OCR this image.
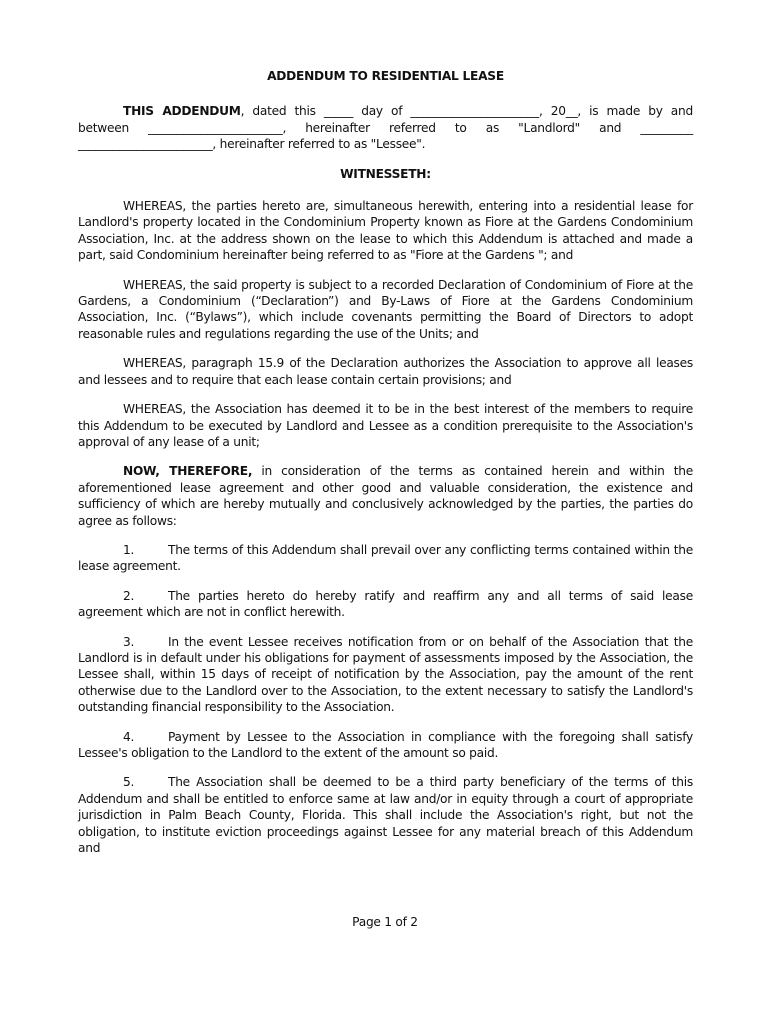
ADDENDUM TO RESIDENTIAL LEASE

THIS ADDENDUM, dated this _____ day of ______________________, 20__, is made by and between _______________________, hereinafter referred to as "Landlord" and _________ _______________________, hereinafter referred to as "Lessee".

WITNESSETH:

WHEREAS, the parties hereto are, simultaneous herewith, entering into a residential lease for Landlord's property located in the Condominium Property known as Fiore at the Gardens Condominium Association, Inc. at the address shown on the lease to which this Addendum is attached and made a part, said Condominium hereinafter being referred to as "Fiore at the Gardens "; and

WHEREAS, the said property is subject to a recorded Declaration of Condominium of Fiore at the Gardens, a Condominium (“Declaration”) and By-Laws of Fiore at the Gardens Condominium Association, Inc. (“Bylaws”), which include covenants permitting the Board of Directors to adopt reasonable rules and regulations regarding the use of the Units; and

WHEREAS, paragraph 15.9 of the Declaration authorizes the Association to approve all leases and lessees and to require that each lease contain certain provisions; and

WHEREAS, the Association has deemed it to be in the best interest of the members to require this Addendum to be executed by Landlord and Lessee as a condition prerequisite to the Association's approval of any lease of a unit;

NOW, THEREFORE, in consideration of the terms as contained herein and within the aforementioned lease agreement and other good and valuable consideration, the existence and sufficiency of which are hereby mutually and conclusively acknowledged by the parties, the parties do agree as follows:

1.	The terms of this Addendum shall prevail over any conflicting terms contained within the lease agreement.

2.	The parties hereto do hereby ratify and reaffirm any and all terms of said lease agreement which are not in conflict herewith.

3.	In the event Lessee receives notification from or on behalf of the Association that the Landlord is in default under his obligations for payment of assessments imposed by the Association, the Lessee shall, within 15 days of receipt of notification by the Association, pay the amount of the rent otherwise due to the Landlord over to the Association, to the extent necessary to satisfy the Landlord's outstanding financial responsibility to the Association.

4.	Payment by Lessee to the Association in compliance with the foregoing shall satisfy Lessee's obligation to the Landlord to the extent of the amount so paid.

5.	The Association shall be deemed to be a third party beneficiary of the terms of this Addendum and shall be entitled to enforce same at law and/or in equity through a court of appropriate jurisdiction in Palm Beach County, Florida. This shall include the Association's right, but not the obligation, to institute eviction proceedings against Lessee for any material breach of this Addendum and

Page 1 of 2
